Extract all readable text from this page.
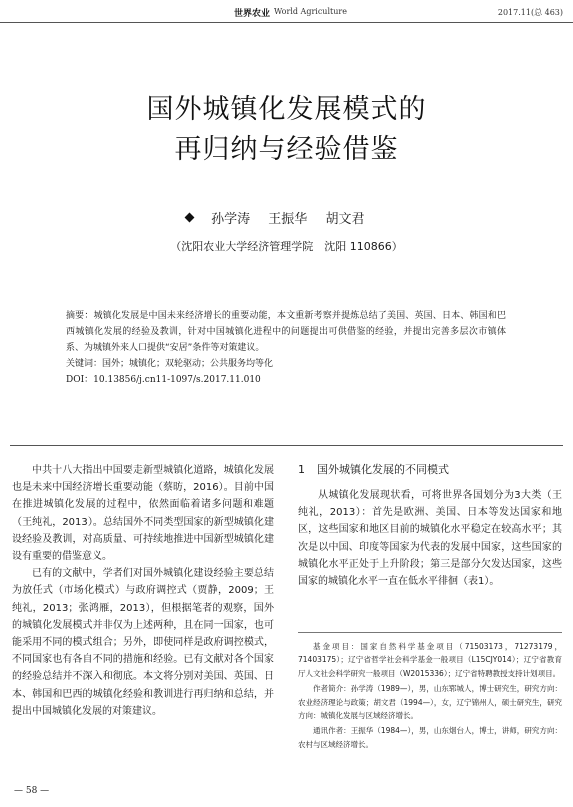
世界农业 World Agriculture	2017.11(总 463)
国外城镇化发展模式的
再归纳与经验借鉴
孙学涛 王振华 胡文君
（沈阳农业大学经济管理学院　沈阳 110866）

摘要：城镇化发展是中国未来经济增长的重要动能，本文重新考察并提炼总结了美国、英国、日本、韩国和巴西城镇化发展的经验及教训，针对中国城镇化进程中的问题提出可供借鉴的经验，并提出完善多层次市镇体系、为城镇外来人口提供“安居”条件等对策建议。

关键词：国外；城镇化；双轮驱动；公共服务均等化

DOI：10.13856/j.cn11-1097/s.2017.11.010

中共十八大指出中国要走新型城镇化道路，城镇化发展也是未来中国经济增长重要动能（蔡昉，2016）。目前中国在推进城镇化发展的过程中，依然面临着诸多问题和难题（王纯礼，2013）。总结国外不同类型国家的新型城镇化建设经验及教训，对高质量、可持续地推进中国新型城镇化建设有重要的借鉴意义。

已有的文献中，学者们对国外城镇化建设经验主要总结为放任式（市场化模式）与政府调控式（贾静，2009；王纯礼，2013；张鸿雁，2013），但根据笔者的观察，国外的城镇化发展模式并非仅为上述两种，且在同一国家，也可能采用不同的模式组合；另外，即使同样是政府调控模式，不同国家也有各自不同的措施和经验。已有文献对各个国家的经验总结并不深入和彻底。本文将分别对美国、英国、日本、韩国和巴西的城镇化经验和教训进行再归纳和总结，并提出中国城镇化发展的对策建议。

1 国外城镇化发展的不同模式

从城镇化发展现状看，可将世界各国划分为3大类（王纯礼，2013）：首先是欧洲、美国、日本等发达国家和地区，这些国家和地区目前的城镇化水平稳定在较高水平；其次是以中国、印度等国家为代表的发展中国家，这些国家的城镇化水平正处于上升阶段；第三是部分欠发达国家，这些国家的城镇化水平一直在低水平徘徊（表1）。

基金项目：国家自然科学基金项目（71503173，71273179，71403175）；辽宁省哲学社会科学基金一般项目（L15CJY014）；辽宁省教育厅人文社会科学研究一般项目（W2015336）；辽宁省特聘教授支持计划项目。

作者简介：孙学涛（1989—），男，山东郓城人，博士研究生，研究方向：农业经济理论与政策；胡文君（1994—），女，辽宁锦州人，硕士研究生，研究方向：城镇化发展与区域经济增长。

通讯作者：王振华（1984—），男，山东烟台人，博士，讲师，研究方向：农村与区域经济增长。

— 58 —
